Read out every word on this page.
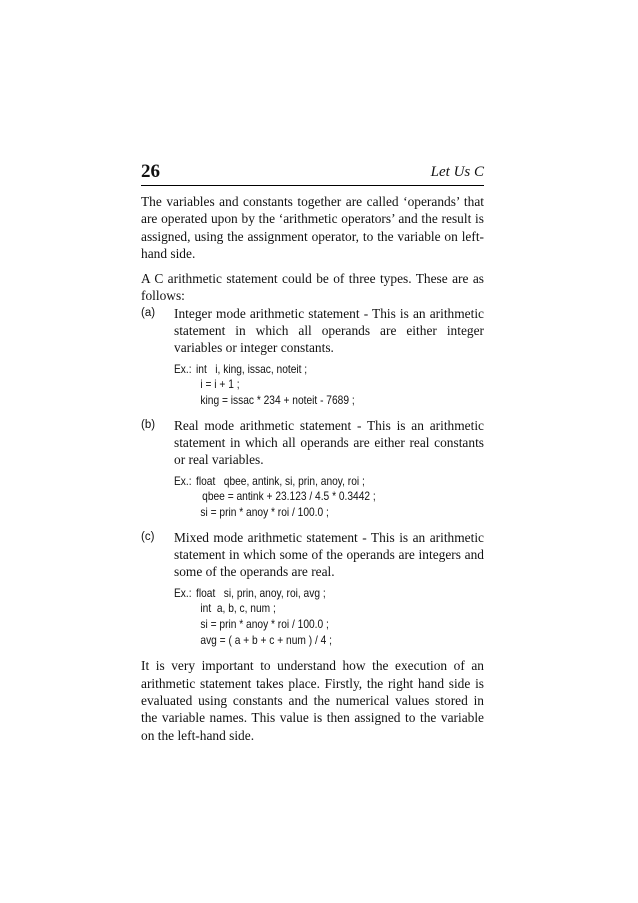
26	Let Us C

The variables and constants together are called ‘operands’ that are operated upon by the ‘arithmetic operators’ and the result is assigned, using the assignment operator, to the variable on left-hand side.

A C arithmetic statement could be of three types. These are as follows:

(a) Integer mode arithmetic statement - This is an arithmetic statement in which all operands are either integer variables or integer constants.

Ex.: int   i, king, issac, noteit ;
i = i + 1 ;
king = issac * 234 + noteit - 7689 ;
(b) Real mode arithmetic statement - This is an arithmetic statement in which all operands are either real constants or real variables.

Ex.: float   qbee, antink, si, prin, anoy, roi ;
qbee = antink + 23.123 / 4.5 * 0.3442 ;
si = prin * anoy * roi / 100.0 ;
(c) Mixed mode arithmetic statement - This is an arithmetic statement in which some of the operands are integers and some of the operands are real.

Ex.: float   si, prin, anoy, roi, avg ;
int  a, b, c, num ;
si = prin * anoy * roi / 100.0 ;
avg = ( a + b + c + num ) / 4 ;

It is very important to understand how the execution of an arithmetic statement takes place. Firstly, the right hand side is evaluated using constants and the numerical values stored in the variable names. This value is then assigned to the variable on the left-hand side.
